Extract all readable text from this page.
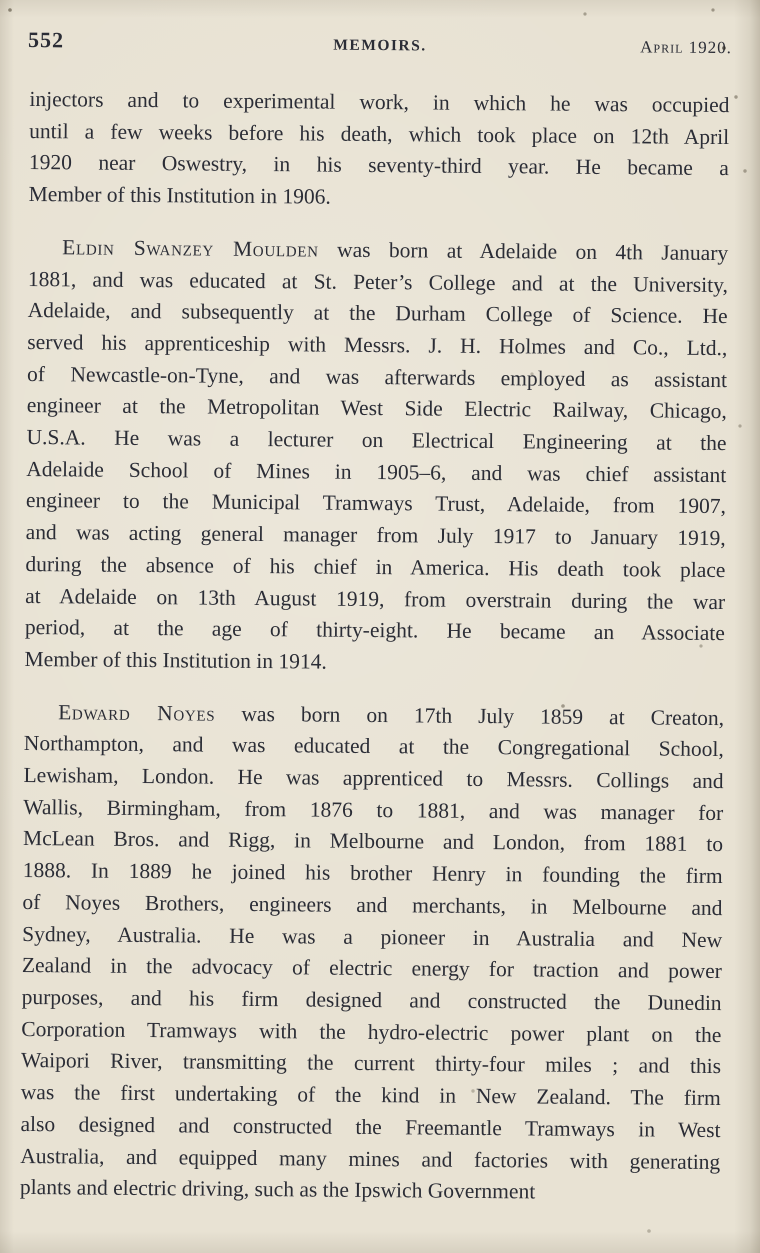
552	MEMOIRS.	April 1920.
injectors and to experimental work, in which he was occupied
until a few weeks before his death, which took place on 12th April
1920 near Oswestry, in his seventy-third year. He became a
Member of this Institution in 1906.
Eldin Swanzey Moulden was born at Adelaide on 4th January
1881, and was educated at St. Peter’s College and at the University,
Adelaide, and subsequently at the Durham College of Science. He
served his apprenticeship with Messrs. J. H. Holmes and Co., Ltd.,
of Newcastle-on-Tyne, and was afterwards employed as assistant
engineer at the Metropolitan West Side Electric Railway, Chicago,
U.S.A. He was a lecturer on Electrical Engineering at the
Adelaide School of Mines in 1905–6, and was chief assistant
engineer to the Municipal Tramways Trust, Adelaide, from 1907,
and was acting general manager from July 1917 to January 1919,
during the absence of his chief in America. His death took place
at Adelaide on 13th August 1919, from overstrain during the war
period, at the age of thirty-eight. He became an Associate
Member of this Institution in 1914.
Edward Noyes was born on 17th July 1859 at Creaton,
Northampton, and was educated at the Congregational School,
Lewisham, London. He was apprenticed to Messrs. Collings and
Wallis, Birmingham, from 1876 to 1881, and was manager for
McLean Bros. and Rigg, in Melbourne and London, from 1881 to
1888. In 1889 he joined his brother Henry in founding the firm
of Noyes Brothers, engineers and merchants, in Melbourne and
Sydney, Australia. He was a pioneer in Australia and New
Zealand in the advocacy of electric energy for traction and power
purposes, and his firm designed and constructed the Dunedin
Corporation Tramways with the hydro-electric power plant on the
Waipori River, transmitting the current thirty-four miles ; and this
was the first undertaking of the kind in New Zealand. The firm
also designed and constructed the Freemantle Tramways in West
Australia, and equipped many mines and factories with generating
plants and electric driving, such as the Ipswich Government
